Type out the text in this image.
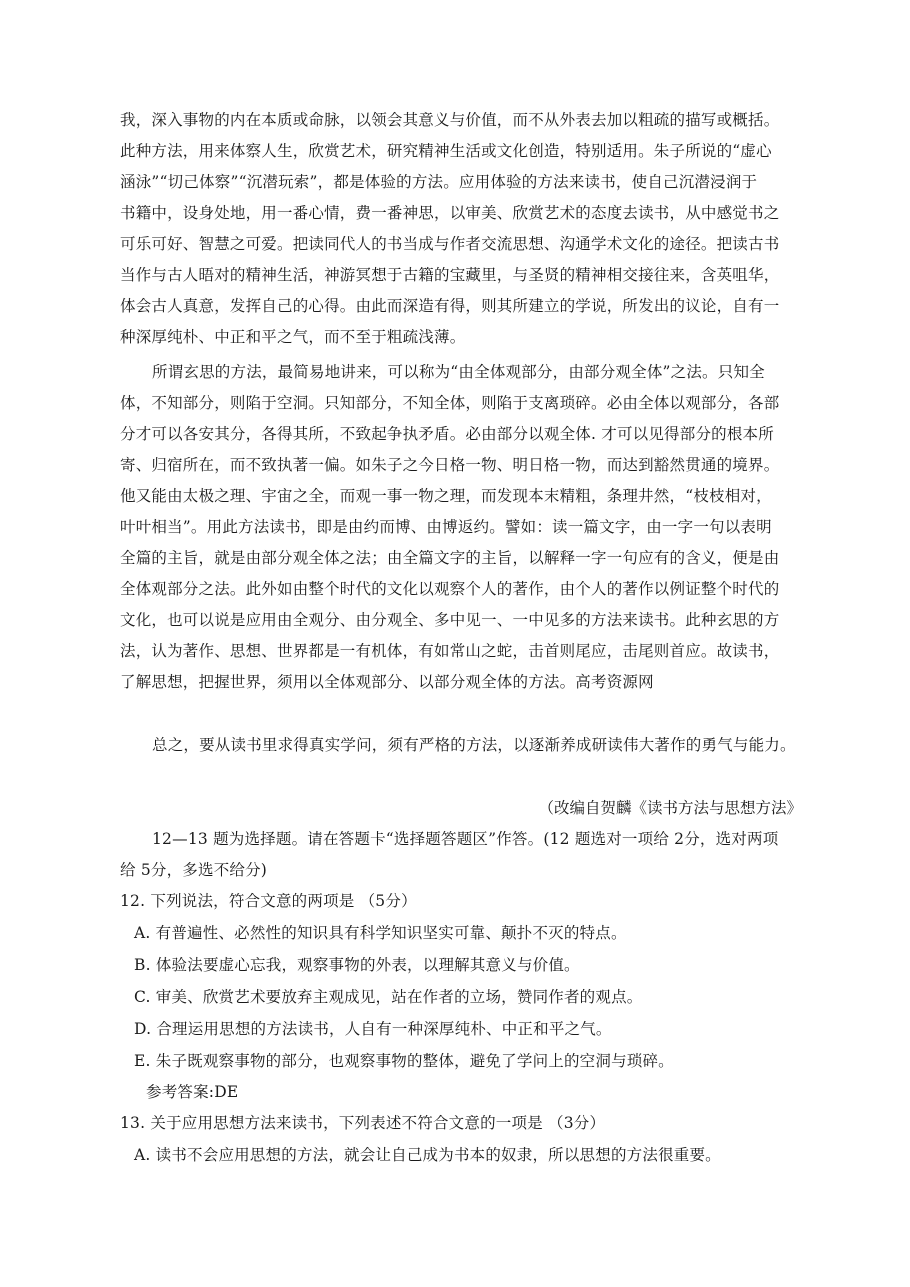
我，深入事物的内在本质或命脉，以领会其意义与价值，而不从外表去加以粗疏的描写或概括。
此种方法，用来体察人生，欣赏艺术，研究精神生活或文化创造，特别适用。朱子所说的“虚心
涵泳”“切己体察”“沉潜玩索”，都是体验的方法。应用体验的方法来读书，使自己沉潜浸润于
书籍中，设身处地，用一番心情，费一番神思，以审美、欣赏艺术的态度去读书，从中感觉书之
可乐可好、智慧之可爱。把读同代人的书当成与作者交流思想、沟通学术文化的途径。把读古书
当作与古人晤对的精神生活，神游冥想于古籍的宝藏里，与圣贤的精神相交接往来，含英咀华，
体会古人真意，发挥自己的心得。由此而深造有得，则其所建立的学说，所发出的议论，自有一
种深厚纯朴、中正和平之气，而不至于粗疏浅薄。
所谓玄思的方法，最简易地讲来，可以称为“由全体观部分，由部分观全体”之法。只知全
体，不知部分，则陷于空洞。只知部分，不知全体，则陷于支离琐碎。必由全体以观部分，各部
分才可以各安其分，各得其所，不致起争执矛盾。必由部分以观全体. 才可以见得部分的根本所
寄、归宿所在，而不致执著一偏。如朱子之今日格一物、明日格一物，而达到豁然贯通的境界。
他又能由太极之理、宇宙之全，而观一事一物之理，而发现本末精粗，条理井然，“枝枝相对，
叶叶相当”。用此方法读书，即是由约而博、由博返约。譬如：读一篇文字，由一字一句以表明
全篇的主旨，就是由部分观全体之法；由全篇文字的主旨，以解释一字一句应有的含义，便是由
全体观部分之法。此外如由整个时代的文化以观察个人的著作，由个人的著作以例证整个时代的
文化，也可以说是应用由全观分、由分观全、多中见一、一中见多的方法来读书。此种玄思的方
法，认为著作、思想、世界都是一有机体，有如常山之蛇，击首则尾应，击尾则首应。故读书，
了解思想，把握世界，须用以全体观部分、以部分观全体的方法。高考资源网
总之，要从读书里求得真实学问，须有严格的方法，以逐渐养成研读伟大著作的勇气与能力。
（改编自贺麟《读书方法与思想方法》
12—13 题为选择题。请在答题卡“选择题答题区”作答。(12 题选对一项给 2分，选对两项
给 5分，多选不给分)
12. 下列说法，符合文意的两项是 （5分）
A. 有普遍性、必然性的知识具有科学知识坚实可靠、颠扑不灭的特点。
B. 体验法要虚心忘我，观察事物的外表，以理解其意义与价值。
C. 审美、欣赏艺术要放弃主观成见，站在作者的立场，赞同作者的观点。
D. 合理运用思想的方法读书，人自有一种深厚纯朴、中正和平之气。
E. 朱子既观察事物的部分，也观察事物的整体，避免了学问上的空洞与琐碎。
参考答案:DE
13. 关于应用思想方法来读书，下列表述不符合文意的一项是 （3分）
A. 读书不会应用思想的方法，就会让自己成为书本的奴隶，所以思想的方法很重要。
